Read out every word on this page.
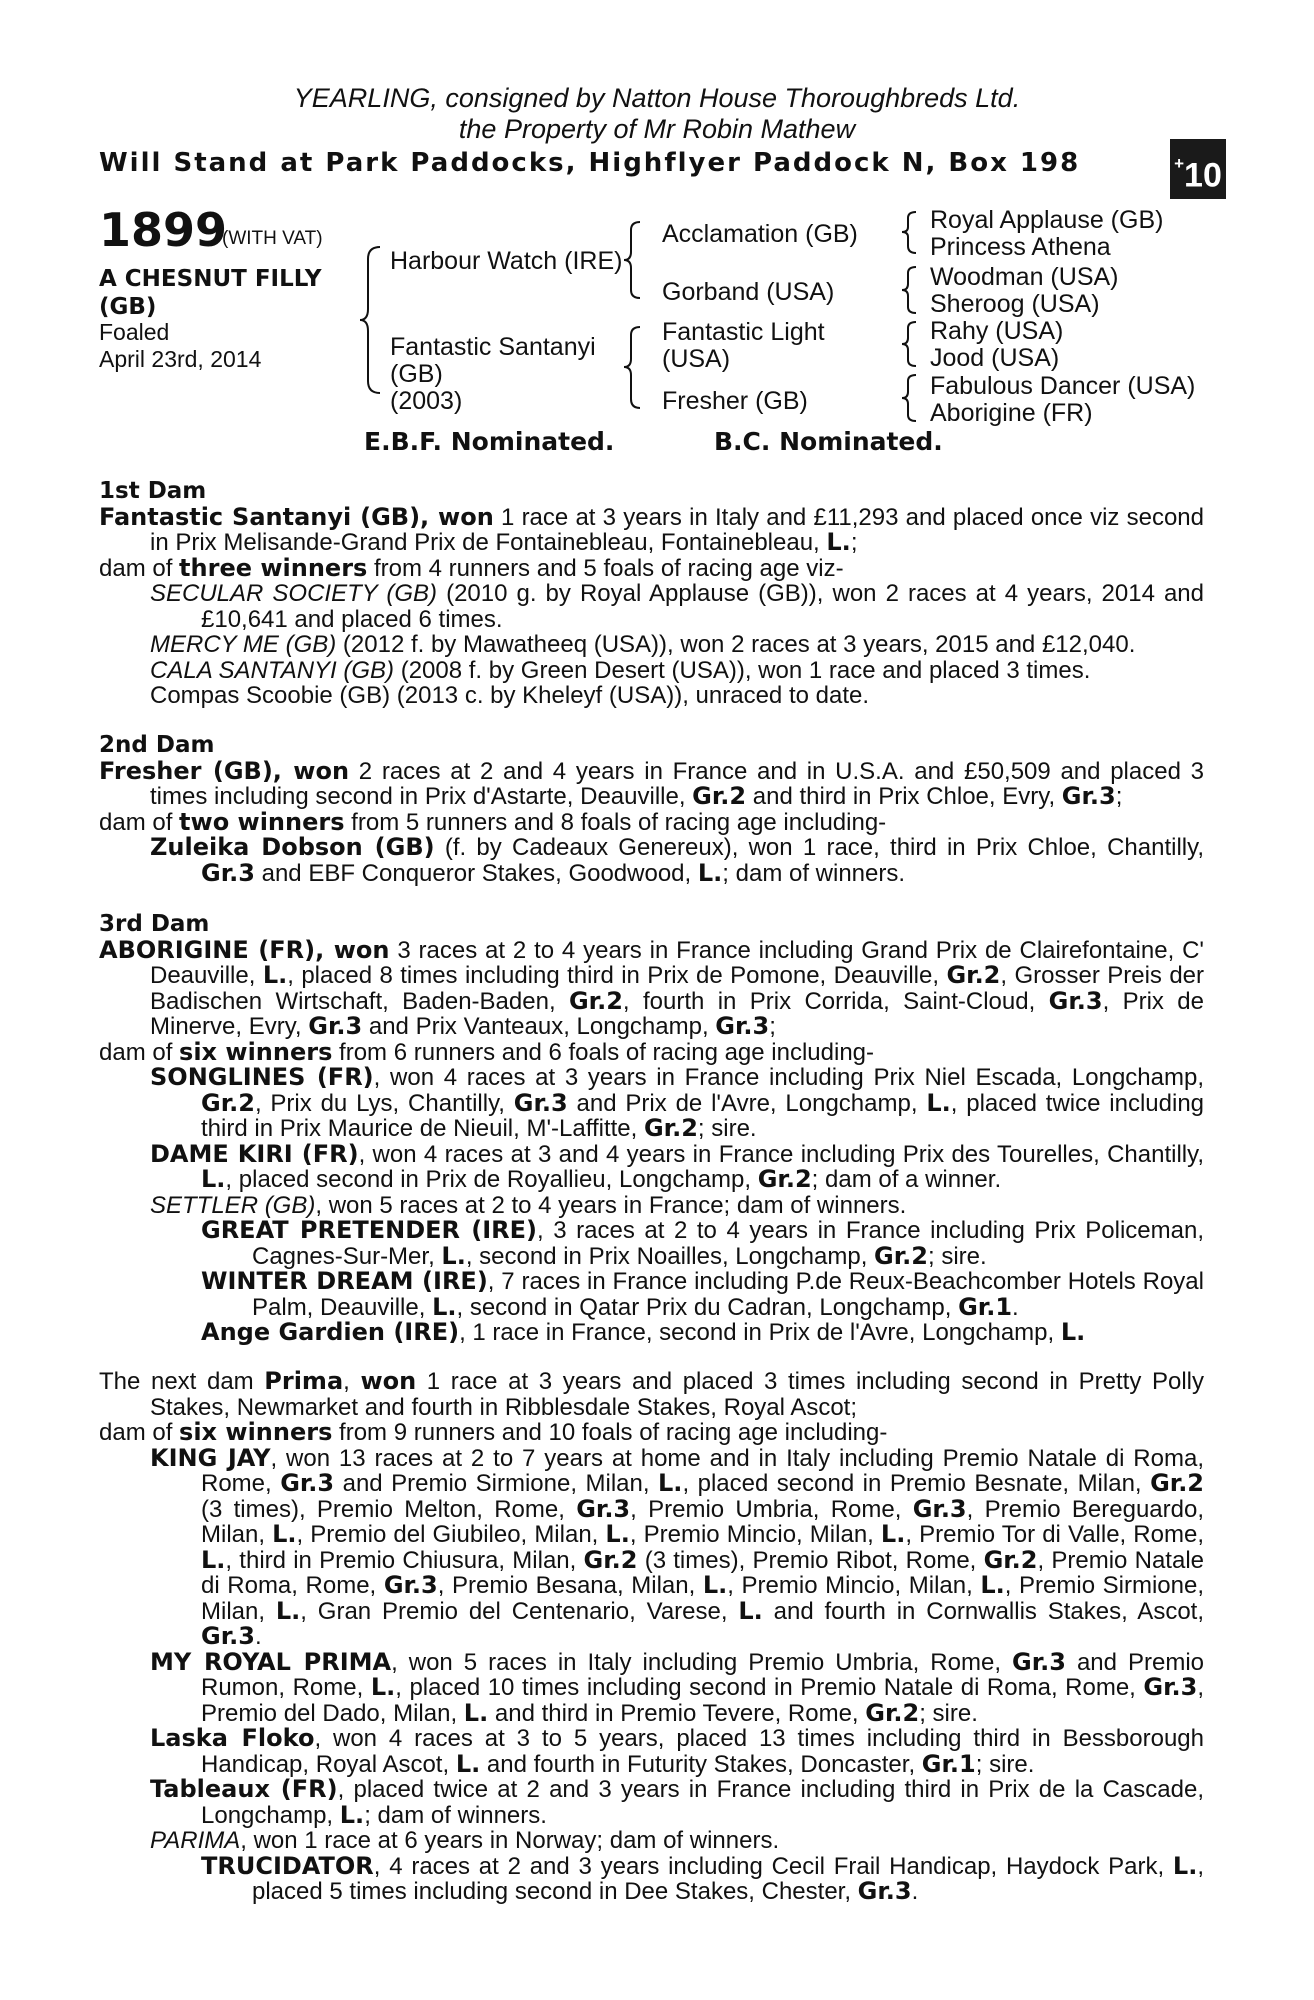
YEARLING, consigned by Natton House Thoroughbreds Ltd.
the Property of Mr Robin Mathew
Will Stand at Park Paddocks, Highflyer Paddock N, Box 198	+10
1899
(WITH VAT)
A CHESNUT FILLY
(GB)
Foaled
April 23rd, 2014
Harbour Watch (IRE)
Fantastic Santanyi
(GB)
(2003)
Acclamation (GB)
Gorband (USA)
Fantastic Light
(USA)
Fresher (GB)
Royal Applause (GB)
Princess Athena
Woodman (USA)
Sheroog (USA)
Rahy (USA)
Jood (USA)
Fabulous Dancer (USA)
Aborigine (FR)
E.B.F. Nominated.	B.C. Nominated.

1st Dam

Fantastic Santanyi (GB), won 1 race at 3 years in Italy and £11,293 and placed once viz second in Prix Melisande-Grand Prix de Fontainebleau, Fontainebleau, L.;

dam of three winners from 4 runners and 5 foals of racing age viz-

SECULAR SOCIETY (GB) (2010 g. by Royal Applause (GB)), won 2 races at 4 years, 2014 and £10,641 and placed 6 times.

MERCY ME (GB) (2012 f. by Mawatheeq (USA)), won 2 races at 3 years, 2015 and £12,040.

CALA SANTANYI (GB) (2008 f. by Green Desert (USA)), won 1 race and placed 3 times.

Compas Scoobie (GB) (2013 c. by Kheleyf (USA)), unraced to date.

2nd Dam

Fresher (GB), won 2 races at 2 and 4 years in France and in U.S.A. and £50,509 and placed 3 times including second in Prix d'Astarte, Deauville, Gr.2 and third in Prix Chloe, Evry, Gr.3;

dam of two winners from 5 runners and 8 foals of racing age including-

Zuleika Dobson (GB) (f. by Cadeaux Genereux), won 1 race, third in Prix Chloe, Chantilly, Gr.3 and EBF Conqueror Stakes, Goodwood, L.; dam of winners.

3rd Dam

ABORIGINE (FR), won 3 races at 2 to 4 years in France including Grand Prix de Clairefontaine, C' Deauville, L., placed 8 times including third in Prix de Pomone, Deauville, Gr.2, Grosser Preis der Badischen Wirtschaft, Baden-Baden, Gr.2, fourth in Prix Corrida, Saint-Cloud, Gr.3, Prix de Minerve, Evry, Gr.3 and Prix Vanteaux, Longchamp, Gr.3;

dam of six winners from 6 runners and 6 foals of racing age including-

SONGLINES (FR), won 4 races at 3 years in France including Prix Niel Escada, Longchamp, Gr.2, Prix du Lys, Chantilly, Gr.3 and Prix de l'Avre, Longchamp, L., placed twice including third in Prix Maurice de Nieuil, M'-Laffitte, Gr.2; sire.

DAME KIRI (FR), won 4 races at 3 and 4 years in France including Prix des Tourelles, Chantilly, L., placed second in Prix de Royallieu, Longchamp, Gr.2; dam of a winner.

SETTLER (GB), won 5 races at 2 to 4 years in France; dam of winners.

GREAT PRETENDER (IRE), 3 races at 2 to 4 years in France including Prix Policeman, Cagnes-Sur-Mer, L., second in Prix Noailles, Longchamp, Gr.2; sire.

WINTER DREAM (IRE), 7 races in France including P.de Reux-Beachcomber Hotels Royal Palm, Deauville, L., second in Qatar Prix du Cadran, Longchamp, Gr.1.

Ange Gardien (IRE), 1 race in France, second in Prix de l'Avre, Longchamp, L.

The next dam Prima, won 1 race at 3 years and placed 3 times including second in Pretty Polly Stakes, Newmarket and fourth in Ribblesdale Stakes, Royal Ascot;

dam of six winners from 9 runners and 10 foals of racing age including-

KING JAY, won 13 races at 2 to 7 years at home and in Italy including Premio Natale di Roma, Rome, Gr.3 and Premio Sirmione, Milan, L., placed second in Premio Besnate, Milan, Gr.2 (3 times), Premio Melton, Rome, Gr.3, Premio Umbria, Rome, Gr.3, Premio Bereguardo, Milan, L., Premio del Giubileo, Milan, L., Premio Mincio, Milan, L., Premio Tor di Valle, Rome, L., third in Premio Chiusura, Milan, Gr.2 (3 times), Premio Ribot, Rome, Gr.2, Premio Natale di Roma, Rome, Gr.3, Premio Besana, Milan, L., Premio Mincio, Milan, L., Premio Sirmione, Milan, L., Gran Premio del Centenario, Varese, L. and fourth in Cornwallis Stakes, Ascot, Gr.3.

MY ROYAL PRIMA, won 5 races in Italy including Premio Umbria, Rome, Gr.3 and Premio Rumon, Rome, L., placed 10 times including second in Premio Natale di Roma, Rome, Gr.3, Premio del Dado, Milan, L. and third in Premio Tevere, Rome, Gr.2; sire.

Laska Floko, won 4 races at 3 to 5 years, placed 13 times including third in Bessborough Handicap, Royal Ascot, L. and fourth in Futurity Stakes, Doncaster, Gr.1; sire.

Tableaux (FR), placed twice at 2 and 3 years in France including third in Prix de la Cascade, Longchamp, L.; dam of winners.

PARIMA, won 1 race at 6 years in Norway; dam of winners.

TRUCIDATOR, 4 races at 2 and 3 years including Cecil Frail Handicap, Haydock Park, L., placed 5 times including second in Dee Stakes, Chester, Gr.3.
